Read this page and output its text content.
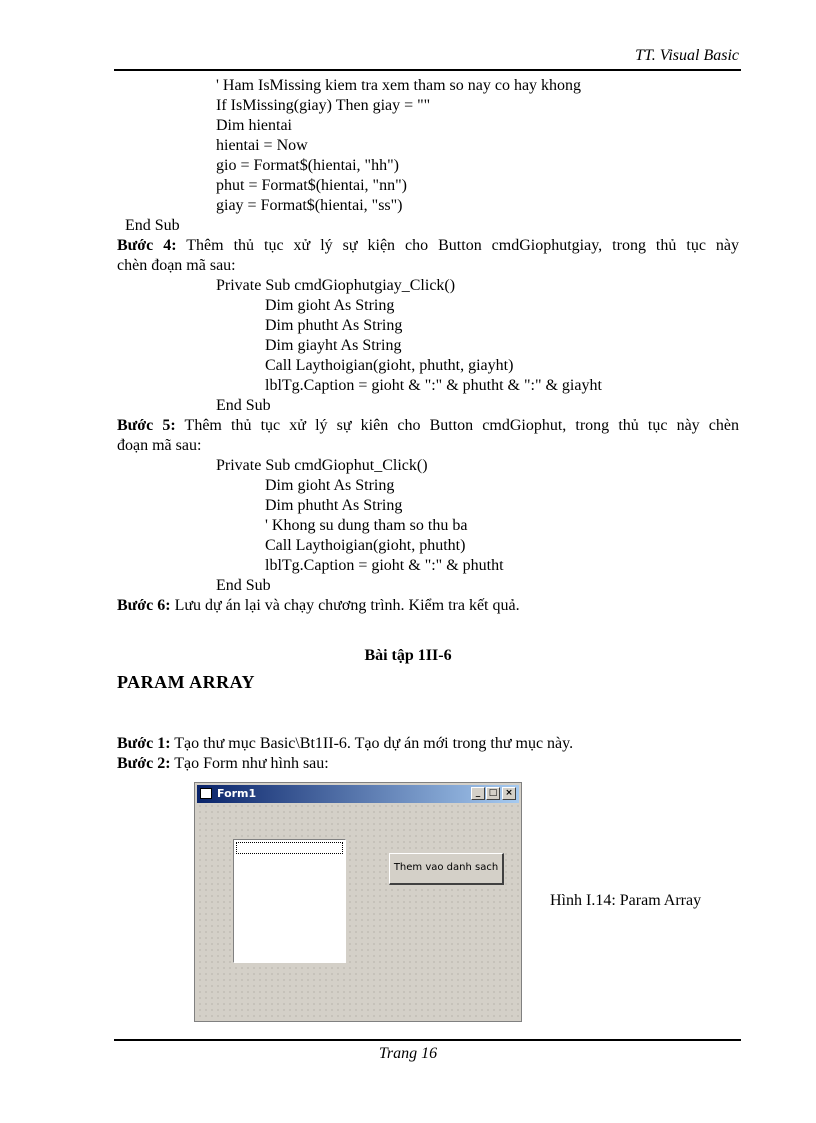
TT. Visual Basic
' Ham IsMissing kiem tra xem tham so nay co hay khong
If IsMissing(giay) Then giay = ""
Dim hientai
hientai = Now
gio = Format$(hientai, "hh")
phut = Format$(hientai, "nn")
giay = Format$(hientai, "ss")
End Sub
Bước 4: Thêm thủ tục xử lý sự kiện cho Button cmdGiophutgiay, trong thủ tục này
chèn đoạn mã sau:
Private Sub cmdGiophutgiay_Click()
Dim gioht As String
Dim phutht As String
Dim giayht As String
Call Laythoigian(gioht, phutht, giayht)
lblTg.Caption = gioht & ":" & phutht & ":" & giayht
End Sub
Bước 5: Thêm thủ tục xử lý sự kiên cho Button cmdGiophut, trong thủ tục này chèn
đoạn mã sau:
Private Sub cmdGiophut_Click()
Dim gioht As String
Dim phutht As String
' Khong su dung tham so thu ba
Call Laythoigian(gioht, phutht)
lblTg.Caption = gioht & ":" & phutht
End Sub
Bước 6: Lưu dự án lại và chạy chương trình. Kiểm tra kết quả.
Bài tập 1II-6
PARAM ARRAY
Bước 1: Tạo thư mục Basic\Bt1II-6. Tạo dự án mới trong thư mục này.
Bước 2: Tạo Form như hình sau:
Form1	_ □ ×
Them vao danh sach
Hình I.14: Param Array
Trang 16
